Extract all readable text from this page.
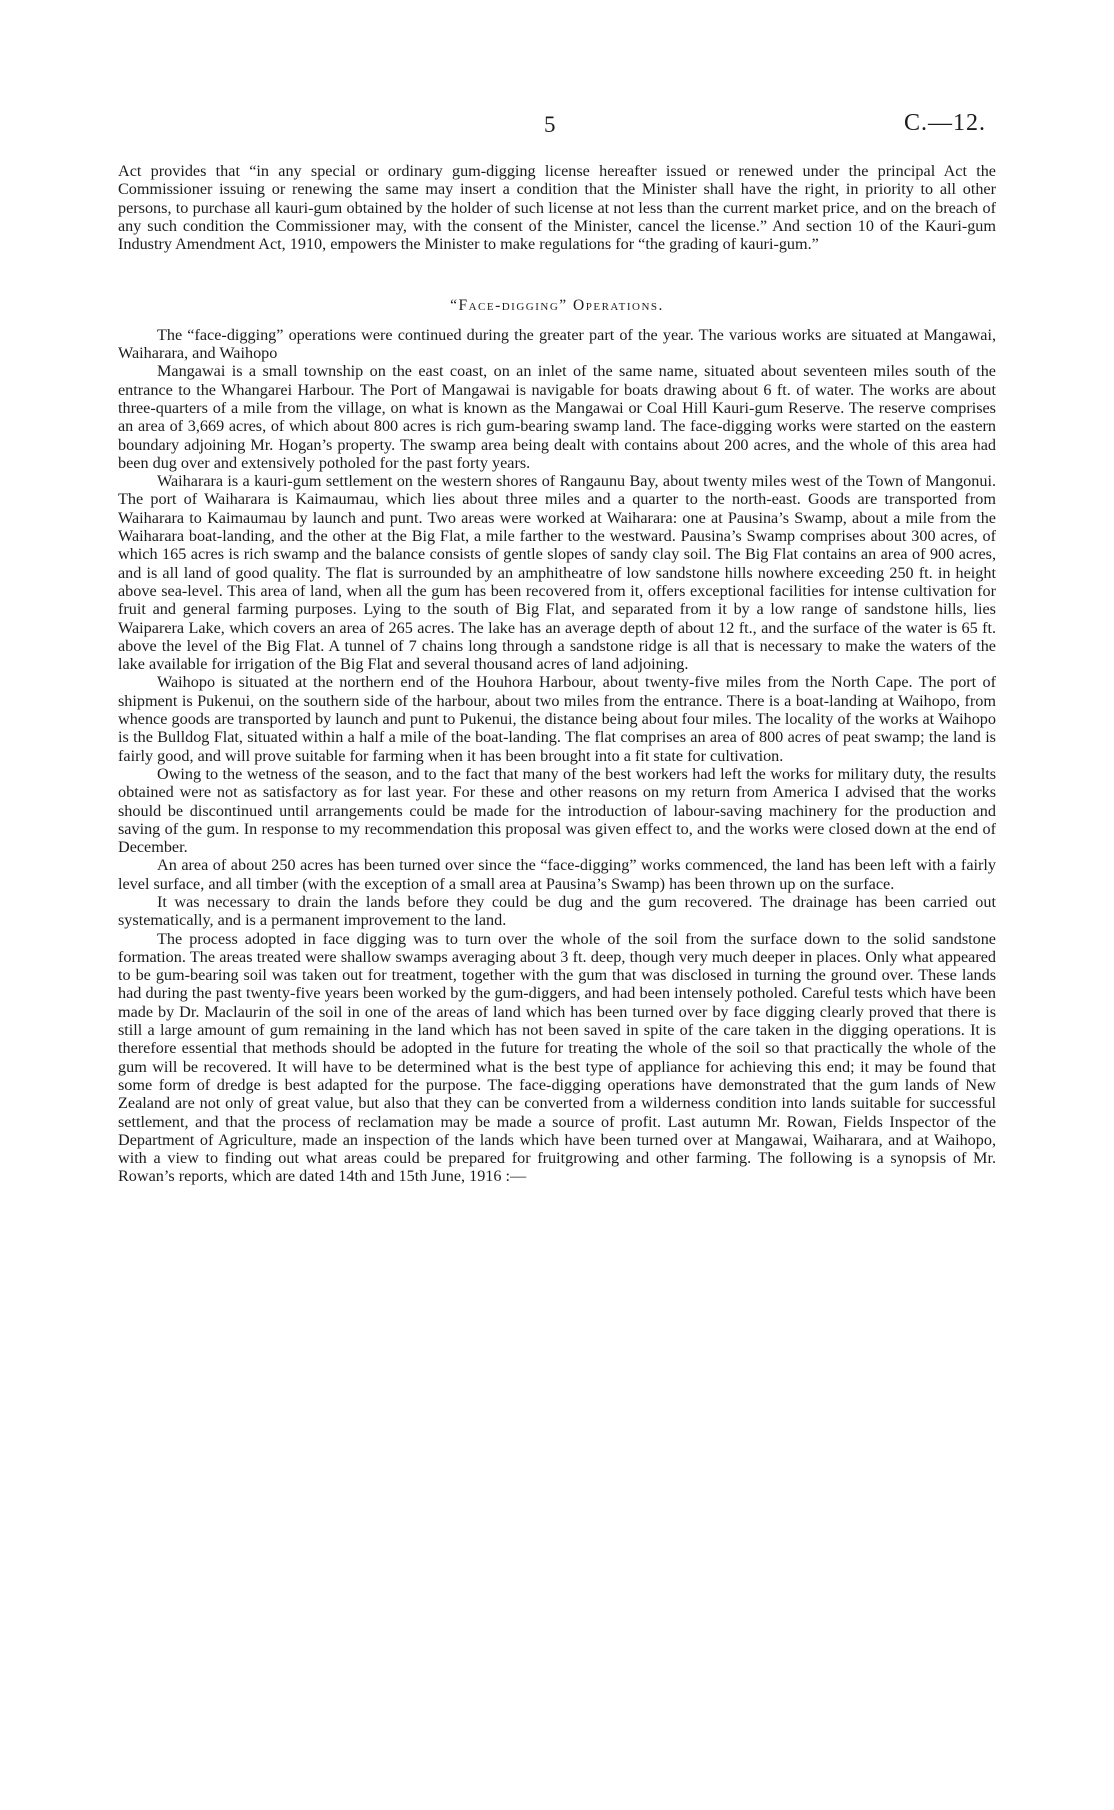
5	C.—12.

Act provides that “in any special or ordinary gum-digging license hereafter issued or renewed under the principal Act the Commissioner issuing or renewing the same may insert a condition that the Minister shall have the right, in priority to all other persons, to purchase all kauri-gum obtained by the holder of such license at not less than the current market price, and on the breach of any such condition the Commissioner may, with the consent of the Minister, cancel the license.” And section 10 of the Kauri-gum Industry Amendment Act, 1910, empowers the Minister to make regulations for “the grading of kauri-gum.”

“Face-digging” Operations.

The “face-digging” operations were continued during the greater part of the year. The various works are situated at Mangawai, Waiharara, and Waihopo

Mangawai is a small township on the east coast, on an inlet of the same name, situated about seventeen miles south of the entrance to the Whangarei Harbour. The Port of Mangawai is navigable for boats drawing about 6 ft. of water. The works are about three-quarters of a mile from the village, on what is known as the Mangawai or Coal Hill Kauri-gum Reserve. The reserve comprises an area of 3,669 acres, of which about 800 acres is rich gum-bearing swamp land. The face-digging works were started on the eastern boundary adjoining Mr. Hogan’s property. The swamp area being dealt with contains about 200 acres, and the whole of this area had been dug over and extensively potholed for the past forty years.

Waiharara is a kauri-gum settlement on the western shores of Rangaunu Bay, about twenty miles west of the Town of Mangonui. The port of Waiharara is Kaimaumau, which lies about three miles and a quarter to the north-east. Goods are transported from Waiharara to Kaimaumau by launch and punt. Two areas were worked at Waiharara: one at Pausina’s Swamp, about a mile from the Waiharara boat-landing, and the other at the Big Flat, a mile farther to the westward. Pausina’s Swamp comprises about 300 acres, of which 165 acres is rich swamp and the balance consists of gentle slopes of sandy clay soil. The Big Flat contains an area of 900 acres, and is all land of good quality. The flat is surrounded by an amphitheatre of low sandstone hills nowhere exceeding 250 ft. in height above sea-level. This area of land, when all the gum has been recovered from it, offers exceptional facilities for intense cultivation for fruit and general farming purposes. Lying to the south of Big Flat, and separated from it by a low range of sandstone hills, lies Waiparera Lake, which covers an area of 265 acres. The lake has an average depth of about 12 ft., and the surface of the water is 65 ft. above the level of the Big Flat. A tunnel of 7 chains long through a sandstone ridge is all that is necessary to make the waters of the lake available for irrigation of the Big Flat and several thousand acres of land adjoining.

Waihopo is situated at the northern end of the Houhora Harbour, about twenty-five miles from the North Cape. The port of shipment is Pukenui, on the southern side of the harbour, about two miles from the entrance. There is a boat-landing at Waihopo, from whence goods are transported by launch and punt to Pukenui, the distance being about four miles. The locality of the works at Waihopo is the Bulldog Flat, situated within a half a mile of the boat-landing. The flat comprises an area of 800 acres of peat swamp; the land is fairly good, and will prove suitable for farming when it has been brought into a fit state for cultivation.

Owing to the wetness of the season, and to the fact that many of the best workers had left the works for military duty, the results obtained were not as satisfactory as for last year. For these and other reasons on my return from America I advised that the works should be discontinued until arrangements could be made for the introduction of labour-saving machinery for the production and saving of the gum. In response to my recommendation this proposal was given effect to, and the works were closed down at the end of December.

An area of about 250 acres has been turned over since the “face-digging” works commenced, the land has been left with a fairly level surface, and all timber (with the exception of a small area at Pausina’s Swamp) has been thrown up on the surface.

It was necessary to drain the lands before they could be dug and the gum recovered. The drainage has been carried out systematically, and is a permanent improvement to the land.

The process adopted in face digging was to turn over the whole of the soil from the surface down to the solid sandstone formation. The areas treated were shallow swamps averaging about 3 ft. deep, though very much deeper in places. Only what appeared to be gum-bearing soil was taken out for treatment, together with the gum that was disclosed in turning the ground over. These lands had during the past twenty-five years been worked by the gum-diggers, and had been intensely potholed. Careful tests which have been made by Dr. Maclaurin of the soil in one of the areas of land which has been turned over by face digging clearly proved that there is still a large amount of gum remaining in the land which has not been saved in spite of the care taken in the digging operations. It is therefore essential that methods should be adopted in the future for treating the whole of the soil so that practically the whole of the gum will be recovered. It will have to be determined what is the best type of appliance for achieving this end; it may be found that some form of dredge is best adapted for the purpose. The face-digging operations have demonstrated that the gum lands of New Zealand are not only of great value, but also that they can be converted from a wilderness condition into lands suitable for successful settlement, and that the process of reclamation may be made a source of profit. Last autumn Mr. Rowan, Fields Inspector of the Department of Agriculture, made an inspection of the lands which have been turned over at Mangawai, Waiharara, and at Waihopo, with a view to finding out what areas could be prepared for fruitgrowing and other farming. The following is a synopsis of Mr. Rowan’s reports, which are dated 14th and 15th June, 1916 :—
